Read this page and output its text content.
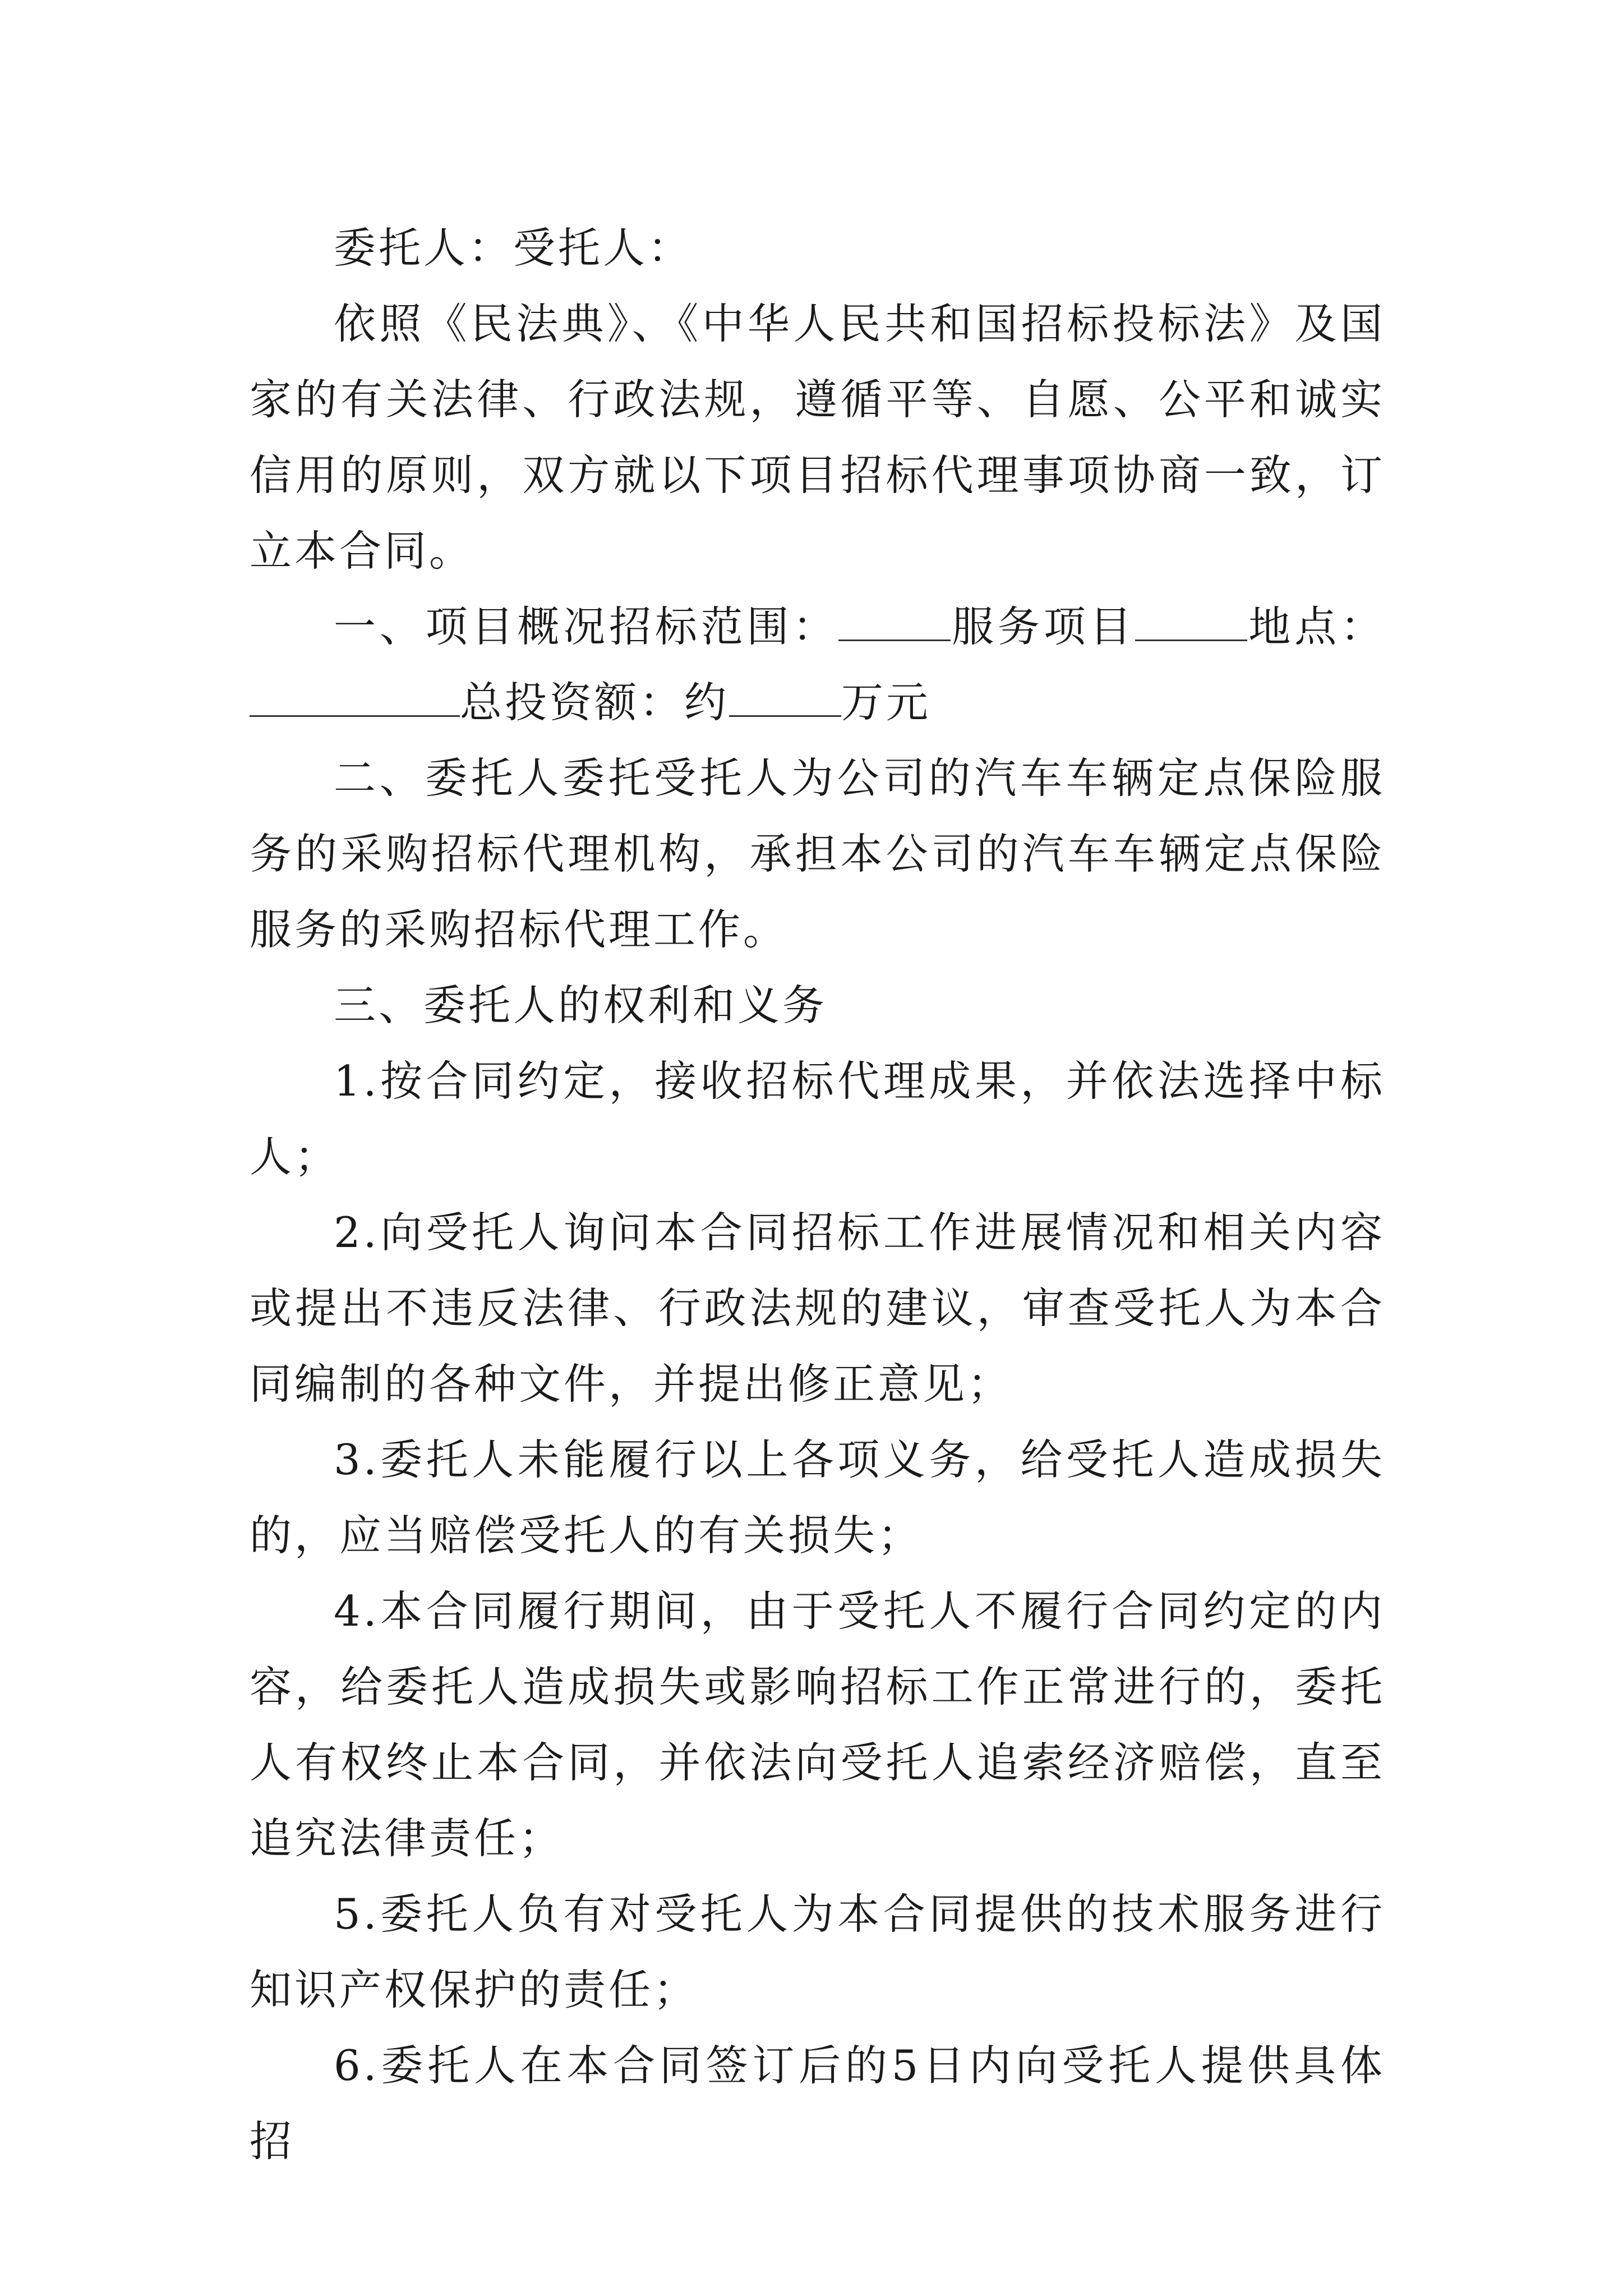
委托人：受托人：

依照《民法典》、《中华人民共和国招标投标法》及国家的有关法律、行政法规，遵循平等、自愿、公平和诚实信用的原则，双方就以下项目招标代理事项协商一致，订立本合同。

一、项目概况招标范围：	服务项目	地点：总投资额：约	万元

二、委托人委托受托人为公司的汽车车辆定点保险服务的采购招标代理机构，承担本公司的汽车车辆定点保险服务的采购招标代理工作。

三、委托人的权利和义务

1.按合同约定，接收招标代理成果，并依法选择中标人；

2.向受托人询问本合同招标工作进展情况和相关内容或提出不违反法律、行政法规的建议，审查受托人为本合同编制的各种文件，并提出修正意见；

3.委托人未能履行以上各项义务，给受托人造成损失的，应当赔偿受托人的有关损失；

4.本合同履行期间，由于受托人不履行合同约定的内容，给委托人造成损失或影响招标工作正常进行的，委托人有权终止本合同，并依法向受托人追索经济赔偿，直至追究法律责任；

5.委托人负有对受托人为本合同提供的技术服务进行知识产权保护的责任；

6.委托人在本合同签订后的5日内向受托人提供具体招
